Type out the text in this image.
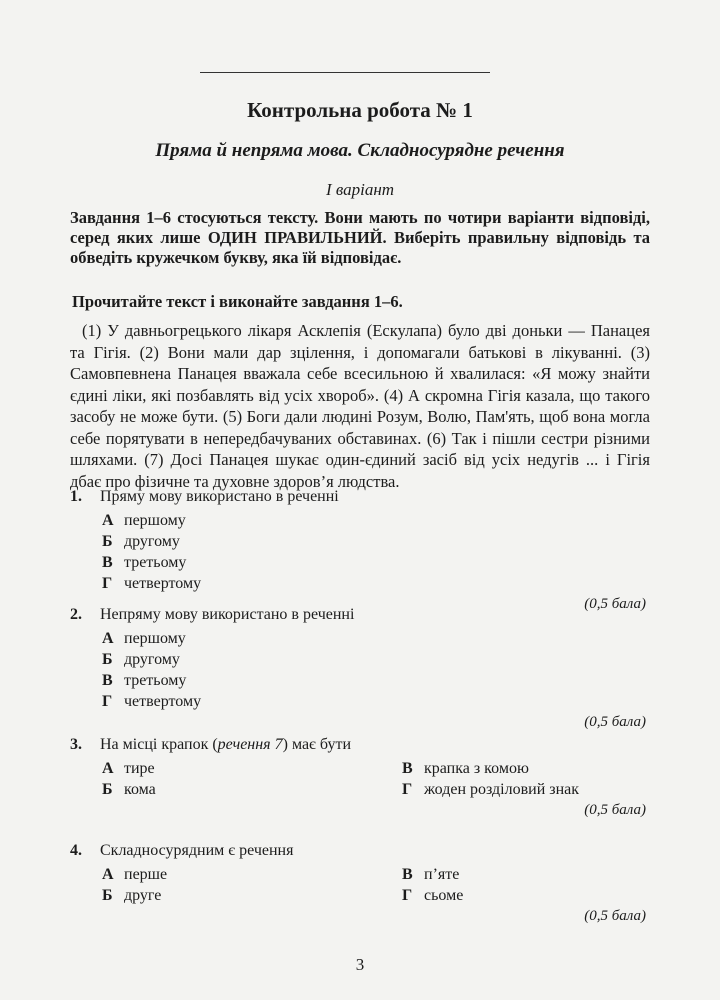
Контрольна робота № 1
Пряма й непряма мова. Складносурядне речення
I варіант
Завдання 1–6 стосуються тексту. Вони мають по чотири варіанти відповіді, серед яких лише ОДИН ПРАВИЛЬНИЙ. Виберіть правильну відповідь та обведіть кружечком букву, яка їй відповідає.
Прочитайте текст і виконайте завдання 1–6.
(1) У давньогрецького лікаря Асклепія (Ескулапа) було дві доньки — Панацея та Гігія. (2) Вони мали дар зцілення, і допомагали батькові в лікуванні. (3) Самовпевнена Панацея вважала себе всесильною й хвалилася: «Я можу знайти єдині ліки, які позбавлять від усіх хвороб». (4) А скромна Гігія казала, що такого засобу не може бути. (5) Боги дали людині Розум, Волю, Пам'ять, щоб вона могла себе порятувати в непередбачуваних обставинах. (6) Так і пішли сестри різними шляхами. (7) Досі Панацея шукає один-єдиний засіб від усіх недугів ... і Гігія дбає про фізичне та духовне здоров’я людства.
1.	Пряму мову використано в реченні
А першому
Б другому
В третьому
Г четвертому
(0,5 бала)
2.	Непряму мову використано в реченні
А першому
Б другому
В третьому
Г четвертому
(0,5 бала)
3.	На місці крапок (речення 7) має бути
А тире	В крапка з комою
Б кома	Г жоден розділовий знак
(0,5 бала)
4.	Складносурядним є речення
А перше	В п’яте
Б друге	Г сьоме
(0,5 бала)
3
